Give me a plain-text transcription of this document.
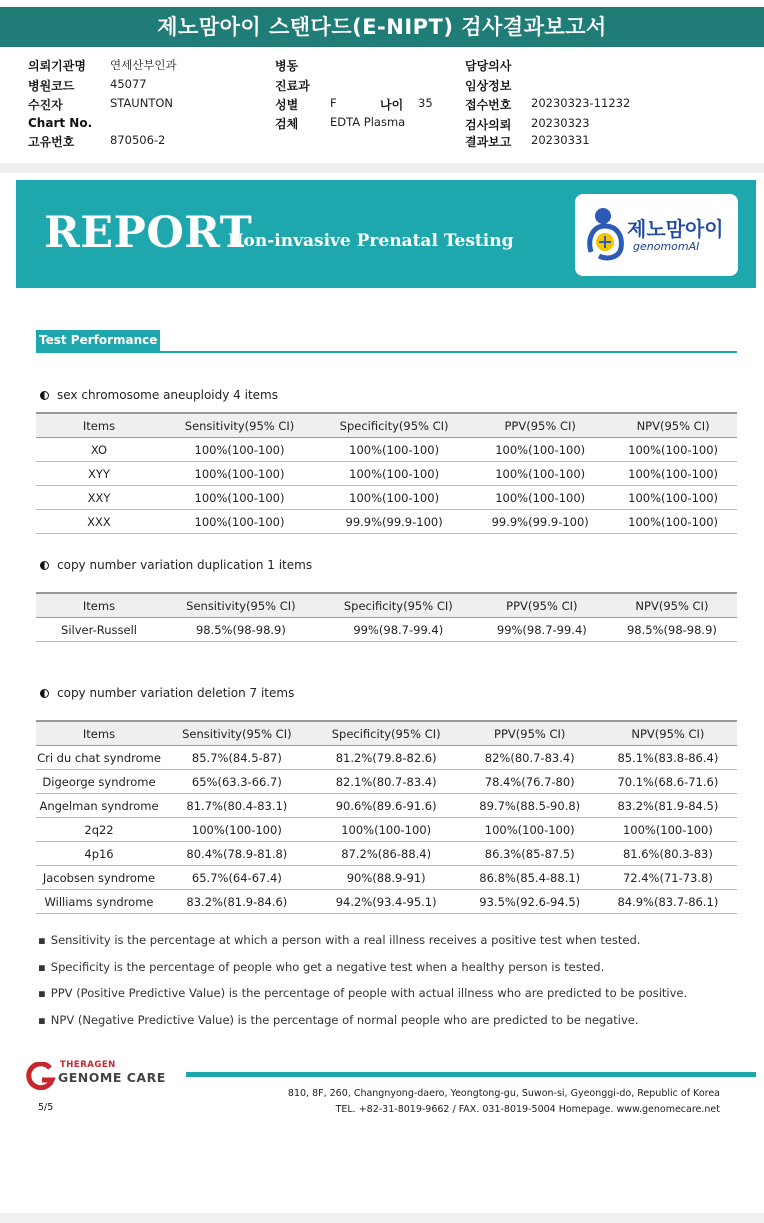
제노맘아이 스탠다드(E-NIPT) 검사결과보고서
의뢰기관명 연세산부인과
병원코드	45077
수진자	STAUNTON
Chart No.
고유번호	870506-2
병동
진료과
성별	F	나이 35
검체	EDTA Plasma
담당의사
임상정보
접수번호 20230323-11232
검사의뢰 20230323
결과보고 20230331
REPORT
Non-invasive Prenatal Testing	제노맘아이
genomomAI
Test Performance
sex chromosome aneuploidy 4 items
Items	Sensitivity(95% CI)	Specificity(95% CI)	PPV(95% CI)	NPV(95% CI)
XO	100%(100-100)	100%(100-100)	100%(100-100)	100%(100-100)
XYY	100%(100-100)	100%(100-100)	100%(100-100)	100%(100-100)
XXY	100%(100-100)	100%(100-100)	100%(100-100)	100%(100-100)
XXX	100%(100-100)	99.9%(99.9-100)	99.9%(99.9-100)	100%(100-100)
copy number variation duplication 1 items
Items	Sensitivity(95% CI)	Specificity(95% CI)	PPV(95% CI)	NPV(95% CI)
Silver-Russell	98.5%(98-98.9)	99%(98.7-99.4)	99%(98.7-99.4)	98.5%(98-98.9)
copy number variation deletion 7 items
Items	Sensitivity(95% CI)	Specificity(95% CI)	PPV(95% CI)	NPV(95% CI)
Cri du chat syndrome	85.7%(84.5-87)	81.2%(79.8-82.6)	82%(80.7-83.4)	85.1%(83.8-86.4)
Digeorge syndrome	65%(63.3-66.7)	82.1%(80.7-83.4)	78.4%(76.7-80)	70.1%(68.6-71.6)
Angelman syndrome	81.7%(80.4-83.1)	90.6%(89.6-91.6)	89.7%(88.5-90.8)	83.2%(81.9-84.5)
2q22	100%(100-100)	100%(100-100)	100%(100-100)	100%(100-100)
4p16	80.4%(78.9-81.8)	87.2%(86-88.4)	86.3%(85-87.5)	81.6%(80.3-83)
Jacobsen syndrome	65.7%(64-67.4)	90%(88.9-91)	86.8%(85.4-88.1)	72.4%(71-73.8)
Williams syndrome	83.2%(81.9-84.6)	94.2%(93.4-95.1)	93.5%(92.6-94.5)	84.9%(83.7-86.1)
▪ Sensitivity is the percentage at which a person with a real illness receives a positive test when tested.
▪ Specificity is the percentage of people who get a negative test when a healthy person is tested.
▪ PPV (Positive Predictive Value) is the percentage of people with actual illness who are predicted to be positive.
▪ NPV (Negative Predictive Value) is the percentage of normal people who are predicted to be negative.
THERAGEN
GENOME CARE
810, 8F, 260, Changnyong-daero, Yeongtong-gu, Suwon-si, Gyeonggi-do, Republic of Korea
TEL. +82-31-8019-9662 / FAX. 031-8019-5004 Homepage. www.genomecare.net
5/5
